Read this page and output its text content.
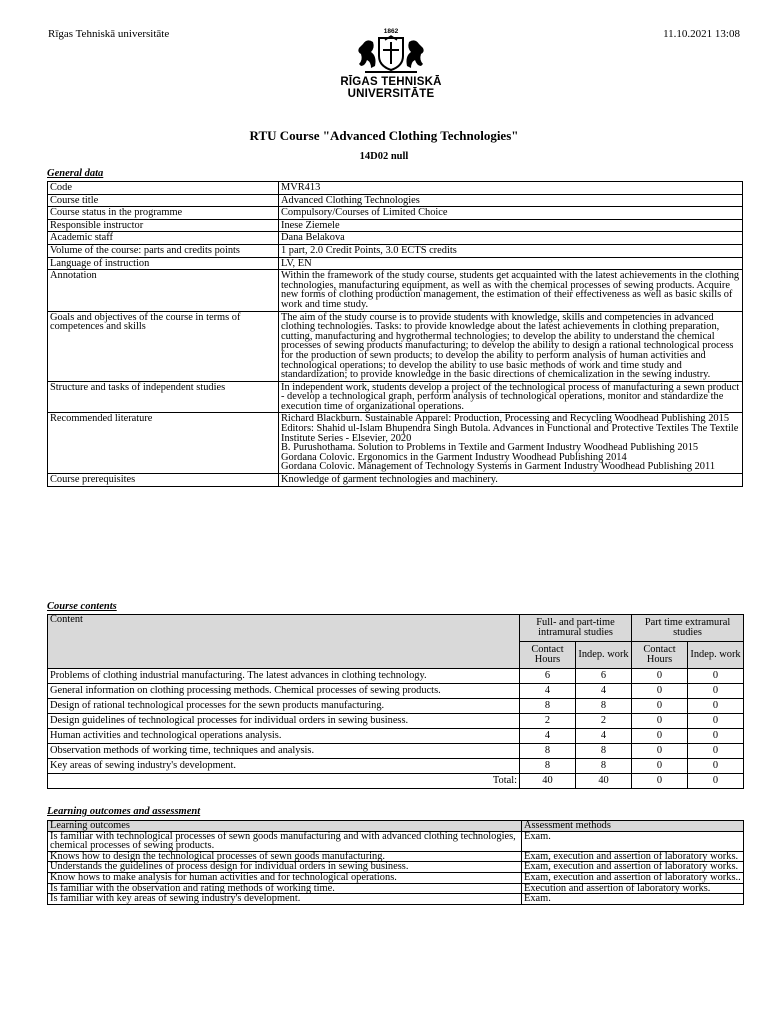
Rīgas Tehniskā universitāte	11.10.2021 13:08
1862
RĪGAS TEHNISKĀ
UNIVERSITĀTE
RTU Course "Advanced Clothing Technologies"
14D02 null
General data
Code	MVR413
Course title	Advanced Clothing Technologies
Course status in the programme	Compulsory/Courses of Limited Choice
Responsible instructor	Inese Ziemele
Academic staff	Dana Belakova
Volume of the course: parts and credits points	1 part, 2.0 Credit Points, 3.0 ECTS credits
Language of instruction	LV, EN
Annotation	Within the framework of the study course, students get acquainted with the latest achievements in the clothing technologies, manufacturing equipment, as well as with the chemical processes of sewing products. Acquire new forms of clothing production management, the estimation of their effectiveness as well as basic skills of work and time study.
Goals and objectives of the course in terms of competences and skills	The aim of the study course is to provide students with knowledge, skills and competencies in advanced clothing technologies. Tasks: to provide knowledge about the latest achievements in clothing preparation, cutting, manufacturing and hygrothermal technologies; to develop the ability to understand the chemical processes of sewing products manufacturing; to develop the ability to design a rational technological process for the production of sewn products; to develop the ability to perform analysis of human activities and technological operations; to develop the ability to use basic methods of work and time study and standardization; to provide knowledge in the basic directions of chemicalization in the sewing industry.
Structure and tasks of independent studies	In independent work, students develop a project of the technological process of manufacturing a sewn product - develop a technological graph, perform analysis of technological operations, monitor and standardize the execution time of organizational operations.
Recommended literature	Richard Blackburn. Sustainable Apparel: Production, Processing and Recycling Woodhead Publishing 2015
Editors: Shahid ul-Islam Bhupendra Singh Butola. Advances in Functional and Protective Textiles The Textile Institute Series - Elsevier, 2020
B. Purushothama. Solution to Problems in Textile and Garment Industry Woodhead Publishing 2015
Gordana Colovic. Ergonomics in the Garment Industry Woodhead Publishing 2014
Gordana Colovic. Management of Technology Systems in Garment Industry Woodhead Publishing 2011

Course prerequisites	Knowledge of garment technologies and machinery.
Course contents
Content	Full- and part-time intramural studies		Part time extramural studies	
	Contact Hours	Indep. work	Contact Hours	Indep. work
Problems of clothing industrial manufacturing. The latest advances in clothing technology.	6	6	0	0
General information on clothing processing methods. Chemical processes of sewing products.	4	4	0	0
Design of rational technological processes for the sewn products manufacturing.	8	8	0	0
Design guidelines of technological processes for individual orders in sewing business.	2	2	0	0
Human activities and technological operations analysis.	4	4	0	0
Observation methods of working time, techniques and analysis.	8	8	0	0
Key areas of sewing industry's development.	8	8	0	0
Total:	40	40	0	0
Learning outcomes and assessment
Learning outcomes	Assessment methods
Is familiar with technological processes of sewn goods manufacturing and with advanced clothing technologies, chemical processes of sewing products.	Exam.
Knows how to design the technological processes of sewn goods manufacturing.	Exam, execution and assertion of laboratory works.
Understands the guidelines of process design for individual orders in sewing business.	Exam, execution and assertion of laboratory works.
Know hows to make analysis for human activities and for technological operations.	Exam, execution and assertion of laboratory works..
Is familiar with the observation and rating methods of working time.	Execution and assertion of laboratory works.
Is familiar with key areas of sewing industry's development.	Exam.
